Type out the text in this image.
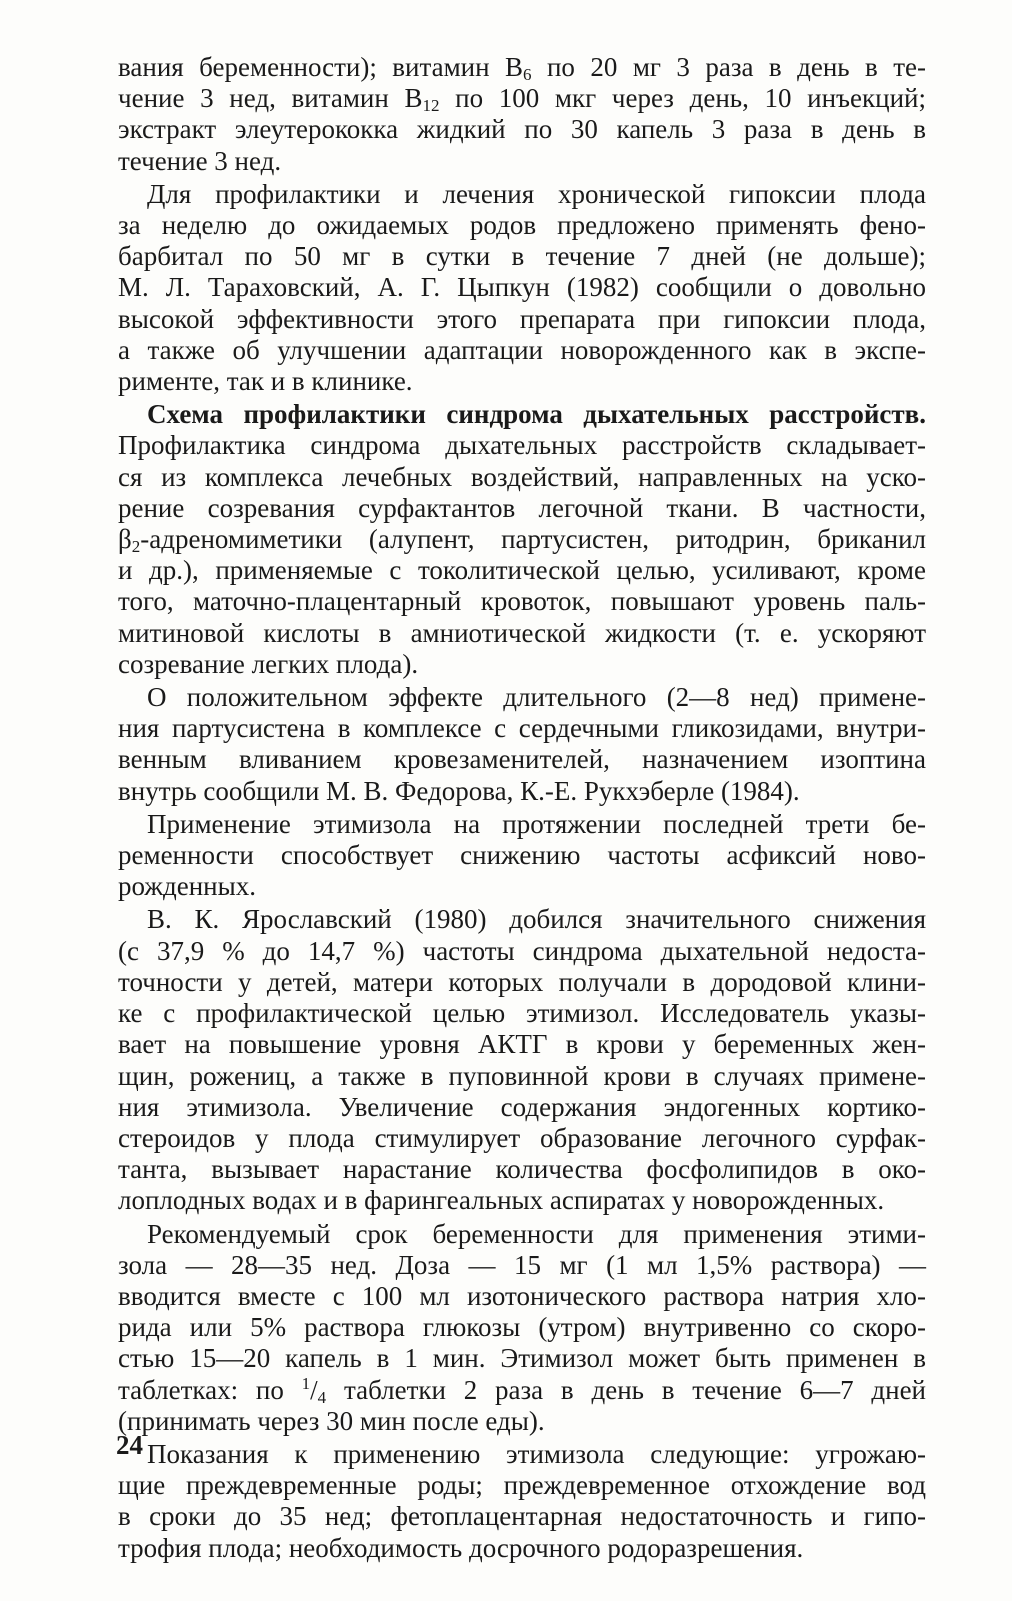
вания беременности); витамин $B_6$ по 20 мг 3 раза в день в те-
чение 3 нед, витамин $B_{12}$ по 100 мкг через день, 10 инъекций;
экстракт элеутерококка жидкий по 30 капель 3 раза в день в
течение 3 нед.
Для профилактики и лечения хронической гипоксии плода
за неделю до ожидаемых родов предложено применять фено-
барбитал по 50 мг в сутки в течение 7 дней (не дольше);
М. Л. Тараховский, А. Г. Цыпкун (1982) сообщили о довольно
высокой эффективности этого препарата при гипоксии плода,
а также об улучшении адаптации новорожденного как в экспе-
рименте, так и в клинике.
Схема профилактики синдрома дыхательных расстройств.
Профилактика синдрома дыхательных расстройств складывает-
ся из комплекса лечебных воздействий, направленных на уско-
рение созревания сурфактантов легочной ткани. В частности,
$\beta_2$-адреномиметики (алупент, партусистен, ритодрин, бриканил
и др.), применяемые с токолитической целью, усиливают, кроме
того, маточно-плацентарный кровоток, повышают уровень паль-
митиновой кислоты в амниотической жидкости (т. е. ускоряют
созревание легких плода).
О положительном эффекте длительного (2—8 нед) примене-
ния партусистена в комплексе с сердечными гликозидами, внутри-
венным вливанием кровезаменителей, назначением изоптина
внутрь сообщили М. В. Федорова, К.-Е. Рукхэберле (1984).
Применение этимизола на протяжении последней трети бе-
ременности способствует снижению частоты асфиксий ново-
рожденных.
В. К. Ярославский (1980) добился значительного снижения
(с 37,9 % до 14,7 %) частоты синдрома дыхательной недоста-
точности у детей, матери которых получали в дородовой клини-
ке с профилактической целью этимизол. Исследователь указы-
вает на повышение уровня АКТГ в крови у беременных жен-
щин, рожениц, а также в пуповинной крови в случаях примене-
ния этимизола. Увеличение содержания эндогенных кортико-
стероидов у плода стимулирует образование легочного сурфак-
танта, вызывает нарастание количества фосфолипидов в око-
лоплодных водах и в фарингеальных аспиратах у новорожденных.
Рекомендуемый срок беременности для применения этими-
зола — 28—35 нед. Доза — 15 мг (1 мл 1,5% раствора) —
вводится вместе с 100 мл изотонического раствора натрия хло-
рида или 5% раствора глюкозы (утром) внутривенно со скоро-
стью 15—20 капель в 1 мин. Этимизол может быть применен в
таблетках: по $^1/_4$ таблетки 2 раза в день в течение 6—7 дней
(принимать через 30 мин после еды).
Показания к применению этимизола следующие: угрожаю-
щие преждевременные роды; преждевременное отхождение вод
в сроки до 35 нед; фетоплацентарная недостаточность и гипо-
трофия плода; необходимость досрочного родоразрешения.
24
